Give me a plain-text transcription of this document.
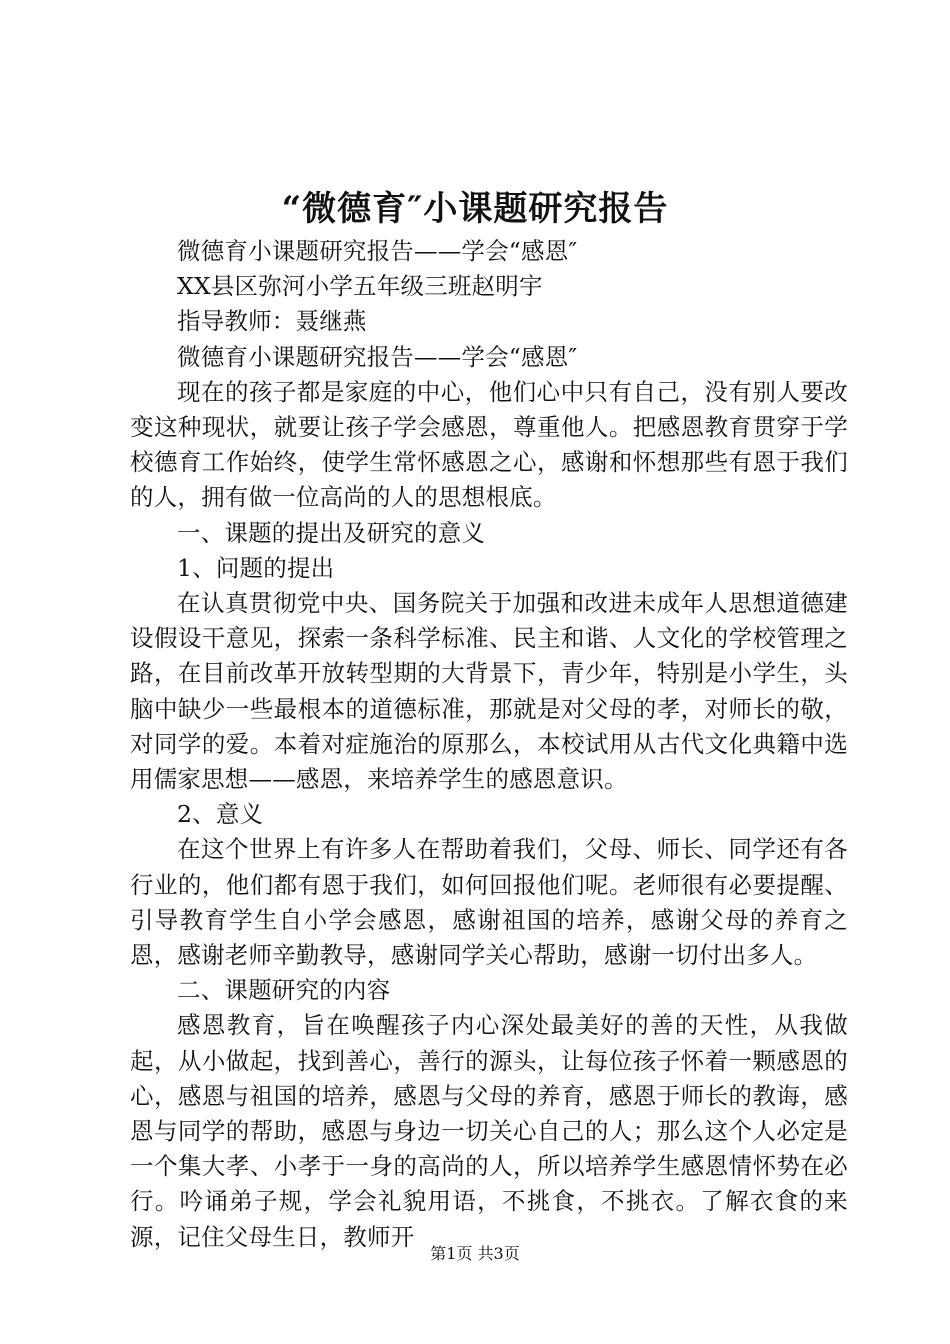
“微德育″小课题研究报告

微德育小课题研究报告——学会“感恩″

XX县区弥河小学五年级三班赵明宇

指导教师：聂继燕

微德育小课题研究报告——学会“感恩″

现在的孩子都是家庭的中心，他们心中只有自己，没有别人要改变这种现状，就要让孩子学会感恩，尊重他人。把感恩教育贯穿于学校德育工作始终，使学生常怀感恩之心，感谢和怀想那些有恩于我们的人，拥有做一位高尚的人的思想根底。

一、课题的提出及研究的意义

1、问题的提出

在认真贯彻党中央、国务院关于加强和改进未成年人思想道德建设假设干意见，探索一条科学标准、民主和谐、人文化的学校管理之路，在目前改革开放转型期的大背景下，青少年，特别是小学生，头脑中缺少一些最根本的道德标准，那就是对父母的孝，对师长的敬，对同学的爱。本着对症施治的原那么，本校试用从古代文化典籍中选用儒家思想——感恩，来培养学生的感恩意识。

2、意义

在这个世界上有许多人在帮助着我们，父母、师长、同学还有各行业的，他们都有恩于我们，如何回报他们呢。老师很有必要提醒、引导教育学生自小学会感恩，感谢祖国的培养，感谢父母的养育之恩，感谢老师辛勤教导，感谢同学关心帮助，感谢一切付出多人。

二、课题研究的内容

感恩教育，旨在唤醒孩子内心深处最美好的善的天性，从我做起，从小做起，找到善心，善行的源头，让每位孩子怀着一颗感恩的心，感恩与祖国的培养，感恩与父母的养育，感恩于师长的教诲，感恩与同学的帮助，感恩与身边一切关心自己的人；那么这个人必定是一个集大孝、小孝于一身的高尚的人，所以培养学生感恩情怀势在必行。吟诵弟子规，学会礼貌用语，不挑食，不挑衣。了解衣食的来源，记住父母生日，教师开

第1页 共3页
